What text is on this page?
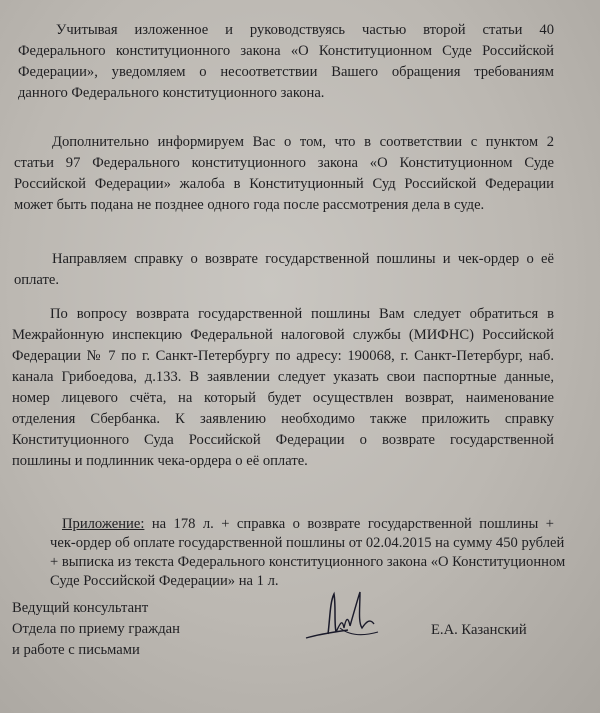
Учитывая изложенное и руководствуясь частью второй статьи 40
Федерального конституционного закона «О Конституционном Суде Российской
Федерации», уведомляем о несоответствии Вашего обращения требованиям
данного Федерального конституционного закона.
Дополнительно информируем Вас о том, что в соответствии с пунктом 2
статьи 97 Федерального конституционного закона «О Конституционном Суде
Российской Федерации» жалоба в Конституционный Суд Российской Федерации
может быть подана не позднее одного года после рассмотрения дела в суде.
Направляем справку о возврате государственной пошлины и чек-ордер о её
оплате.
По вопросу возврата государственной пошлины Вам следует обратиться в
Межрайонную инспекцию Федеральной налоговой службы (МИФНС) Российской
Федерации № 7 по г. Санкт-Петербургу по адресу: 190068, г. Санкт-Петербург, наб.
канала Грибоедова, д.133. В заявлении следует указать свои паспортные данные,
номер лицевого счёта, на который будет осуществлен возврат, наименование
отделения Сбербанка. К заявлению необходимо также приложить справку
Конституционного Суда Российской Федерации о возврате государственной
пошлины и подлинник чека-ордера о её оплате.
Приложение: на 178 л. + справка о возврате государственной пошлины +
чек-ордер об оплате государственной пошлины от 02.04.2015 на сумму 450 рублей
+ выписка из текста Федерального конституционного закона «О Конституционном
Суде Российской Федерации» на 1 л.
Ведущий консультант
Отдела по приему граждан
и работе с письмами
Е.А. Казанский
